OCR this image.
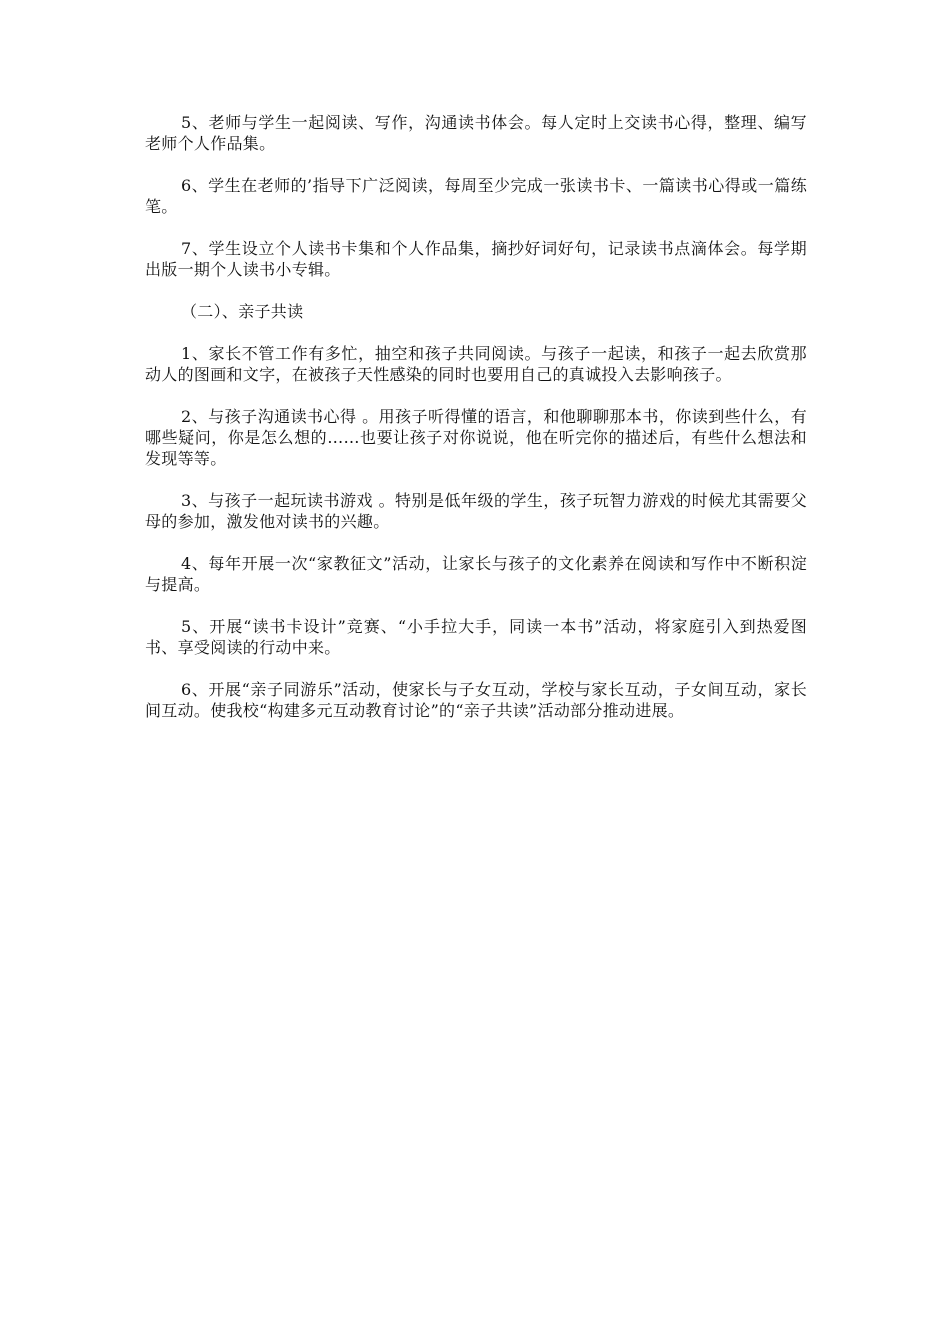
5、老师与学生一起阅读、写作，沟通读书体会。每人定时上交读书心得，整理、编写老师个人作品集。

6、学生在老师的’指导下广泛阅读，每周至少完成一张读书卡、一篇读书心得或一篇练笔。

7、学生设立个人读书卡集和个人作品集，摘抄好词好句，记录读书点滴体会。每学期出版一期个人读书小专辑。

（二）、亲子共读

1、家长不管工作有多忙，抽空和孩子共同阅读。与孩子一起读，和孩子一起去欣赏那动人的图画和文字，在被孩子天性感染的同时也要用自己的真诚投入去影响孩子。

2、与孩子沟通读书心得 。用孩子听得懂的语言，和他聊聊那本书，你读到些什么，有哪些疑问，你是怎么想的……也要让孩子对你说说，他在听完你的描述后，有些什么想法和发现等等。

3、与孩子一起玩读书游戏 。特别是低年级的学生，孩子玩智力游戏的时候尤其需要父母的参加，激发他对读书的兴趣。

4、每年开展一次“家教征文”活动，让家长与孩子的文化素养在阅读和写作中不断积淀与提高。

5、开展“读书卡设计”竞赛、“小手拉大手，同读一本书”活动，将家庭引入到热爱图书、享受阅读的行动中来。

6、开展“亲子同游乐”活动，使家长与子女互动，学校与家长互动，子女间互动，家长间互动。使我校“构建多元互动教育讨论”的“亲子共读”活动部分推动进展。
